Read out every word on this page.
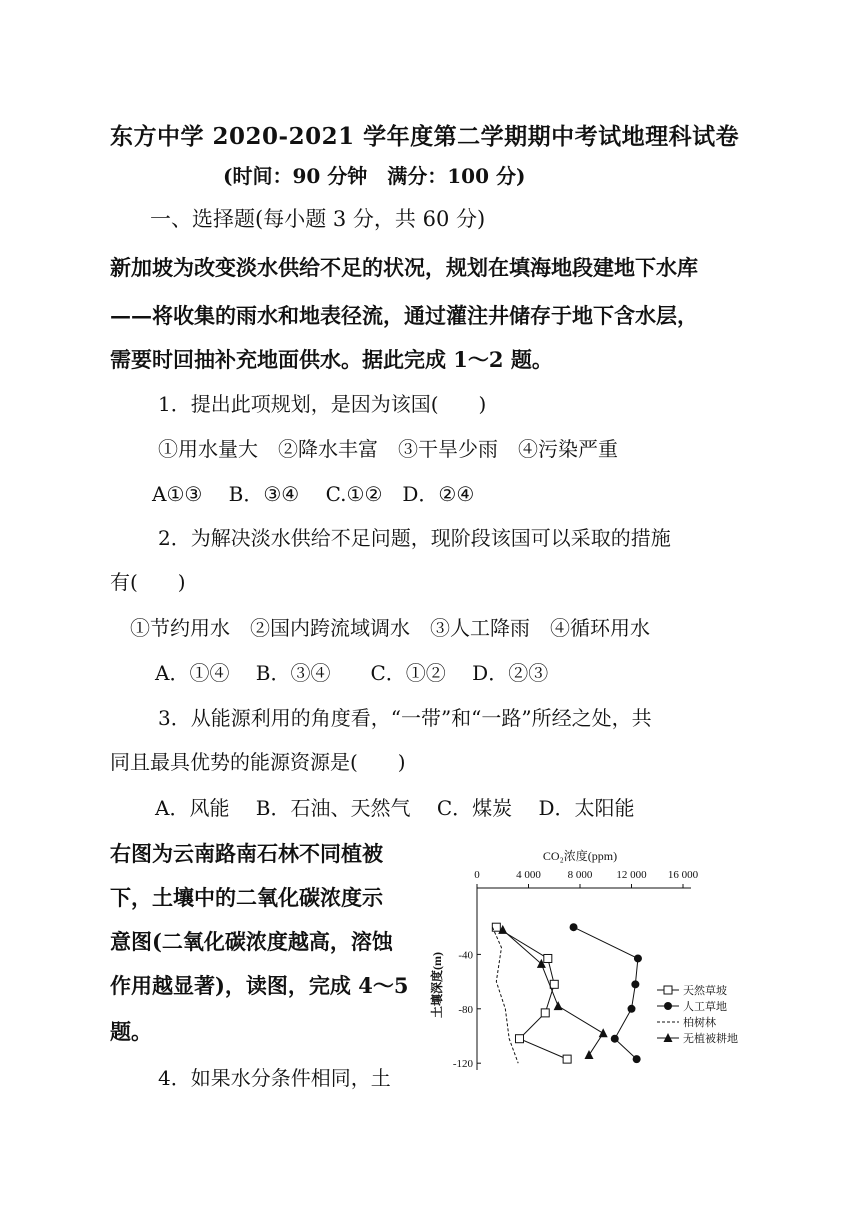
东方中学 2020-2021 学年度第二学期期中考试地理科试卷

(时间：90 分钟　满分：100 分)

一、选择题(每小题 3 分，共 60 分)

新加坡为改变淡水供给不足的状况，规划在填海地段建地下水库

——将收集的雨水和地表径流，通过灌注井储存于地下含水层，

需要时回抽补充地面供水。据此完成 1～2 题。

1．提出此项规划，是因为该国(　　)

①用水量大　②降水丰富　③干旱少雨　④污染严重

A①③　 B．③④　 C.①②　D．②④

2．为解决淡水供给不足问题，现阶段该国可以采取的措施

有(　　)

①节约用水　②国内跨流域调水　③人工降雨　④循环用水

A．①④　 B．③④　　C．①②　 D．②③

3．从能源利用的角度看，“一带”和“一路”所经之处，共

同且最具优势的能源资源是(　　)

A．风能　 B．石油、天然气　 C．煤炭　 D．太阳能

右图为云南路南石林不同植被

下，土壤中的二氧化碳浓度示

意图(二氧化碳浓度越高，溶蚀

作用越显著)，读图，完成 4～5

题。

4．如果水分条件相同，土

CO₂浓度(ppm)
0	4 000 8 000 12 000 16 000
-40
-80
-120
土壤深度(m)	天然草坡
人工草地
柏树林
无植被耕地
